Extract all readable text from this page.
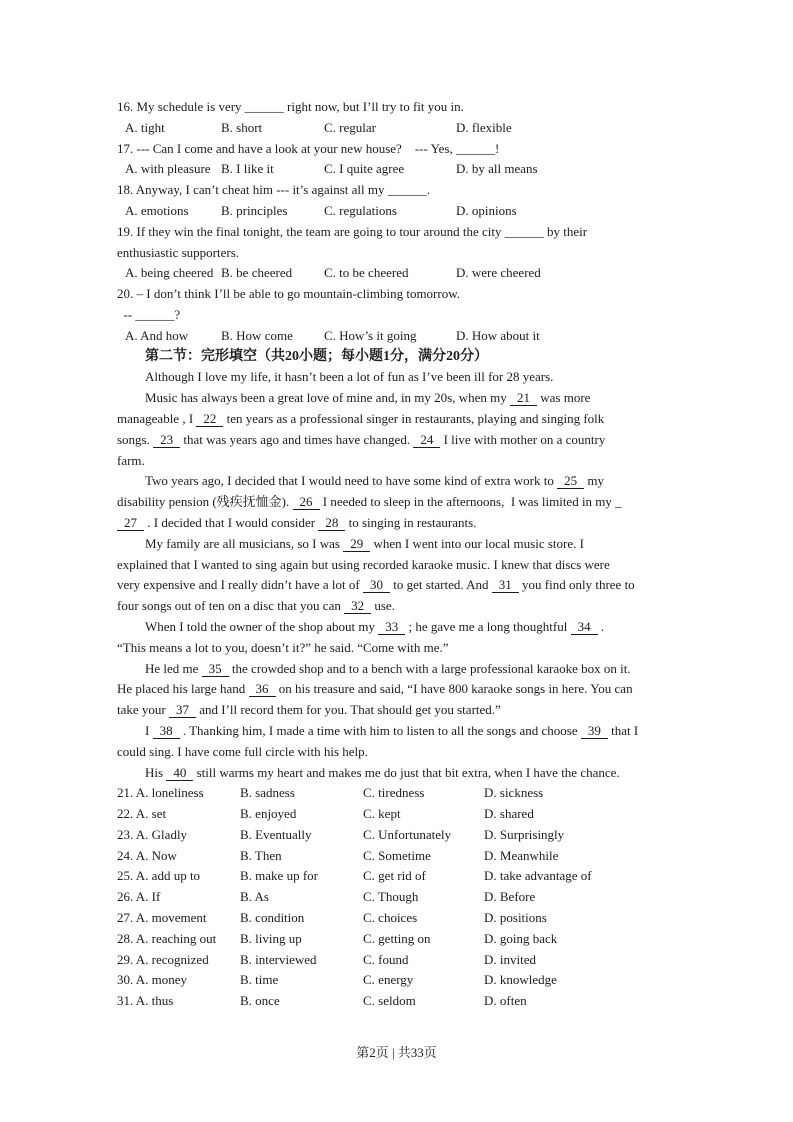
16. My schedule is very ______ right now, but I’ll try to fit you in.
A. tight	B. short	C. regular	D. flexible
17. --- Can I come and have a look at your new house?    --- Yes, ______!
A. with pleasure B. I like it	C. I quite agree	D. by all means
18. Anyway, I can’t cheat him --- it’s against all my ______.
A. emotions B. principles	C. regulations	D. opinions
19. If they win the final tonight, the team are going to tour around the city ______ by their
enthusiastic supporters.
A. being cheered B. be cheered C. to be cheered	D. were cheered
20. – I don’t think I’ll be able to go mountain-climbing tomorrow.
-- ______?
A. And how	B. How come C. How’s it going	D. How about it
第二节：完形填空（共20小题；每小题1分，满分20分）
Although I love my life, it hasn’t been a lot of fun as I’ve been ill for 28 years.
Music has always been a great love of mine and, in my 20s, when my 21 was more
manageable , I 22 ten years as a professional singer in restaurants, playing and singing folk
songs. 23 that was years ago and times have changed. 24 I live with mother on a country
farm.
Two years ago, I decided that I would need to have some kind of extra work to 25 my
disability pension (残疾抚恤金). 26 I needed to sleep in the afternoons,  I was limited in my _
27 . I decided that I would consider 28 to singing in restaurants.
My family are all musicians, so I was 29 when I went into our local music store. I
explained that I wanted to sing again but using recorded karaoke music. I knew that discs were
very expensive and I really didn’t have a lot of 30 to get started. And 31 you find only three to
four songs out of ten on a disc that you can 32 use.
When I told the owner of the shop about my 33 ; he gave me a long thoughtful 34 .
“This means a lot to you, doesn’t it?” he said. “Come with me.”
He led me 35 the crowded shop and to a bench with a large professional karaoke box on it.
He placed his large hand 36 on his treasure and said, “I have 800 karaoke songs in here. You can
take your 37 and I’ll record them for you. That should get you started.”
I 38 . Thanking him, I made a time with him to listen to all the songs and choose 39 that I
could sing. I have come full circle with his help.
His 40 still warms my heart and makes me do just that bit extra, when I have the chance.
21. A. loneliness	B. sadness	C. tiredness	D. sickness
22. A. set	B. enjoyed	C. kept	D. shared
23. A. Gladly	B. Eventually	C. Unfortunately	D. Surprisingly
24. A. Now	B. Then	C. Sometime	D. Meanwhile
25. A. add up to	B. make up for	C. get rid of	D. take advantage of
26. A. If	B. As	C. Though	D. Before
27. A. movement	B. condition	C. choices	D. positions
28. A. reaching out B. living up	C. getting on	D. going back
29. A. recognized B. interviewed	C. found	D. invited
30. A. money	B. time	C. energy	D. knowledge
31. A. thus	B. once	C. seldom	D. often
第2页 | 共33页
